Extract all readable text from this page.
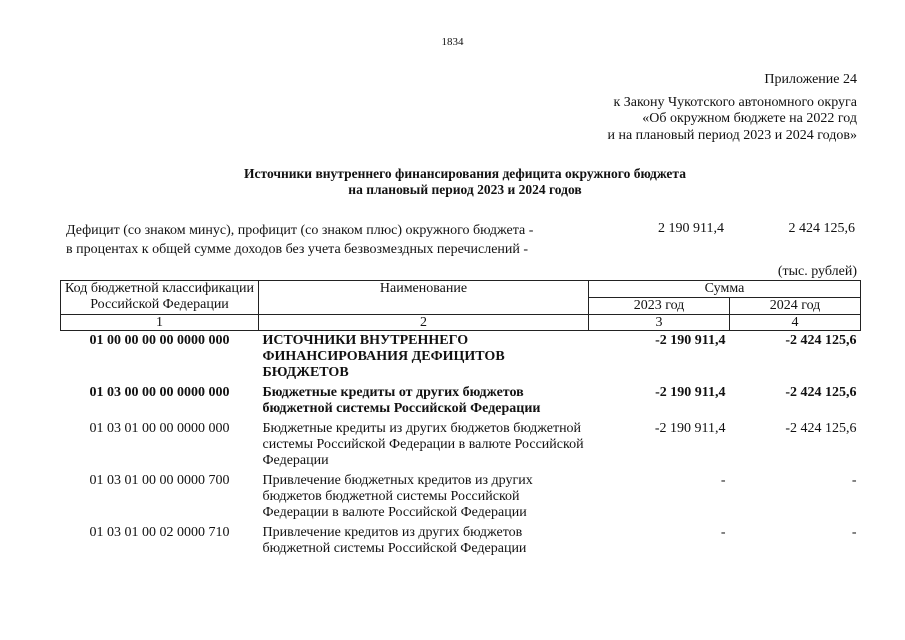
1834
Приложение 24
к Закону Чукотского автономного округа
«Об окружном бюджете на 2022 год
и на плановый период 2023 и 2024 годов»
Источники внутреннего финансирования дефицита окружного бюджета
на плановый период 2023 и 2024 годов
Дефицит (со знаком минус), профицит (со знаком плюс) окружного бюджета -
в процентах к общей сумме доходов без учета безвозмездных перечислений -
2 190 911,4	2 424 125,6
(тыс. рублей)
Код бюджетной классификации Российской Федерации	Наименование	Сумма	
		2023 год	2024 год
1	2	3	4
01 00 00 00 00 0000 000	ИСТОЧНИКИ ВНУТРЕННЕГО ФИНАНСИРОВАНИЯ ДЕФИЦИТОВ БЮДЖЕТОВ	-2 190 911,4	-2 424 125,6
01 03 00 00 00 0000 000	Бюджетные кредиты от других бюджетов бюджетной системы Российской Федерации	-2 190 911,4	-2 424 125,6
01 03 01 00 00 0000 000	Бюджетные кредиты из других бюджетов бюджетной системы Российской Федерации в валюте Российской Федерации	-2 190 911,4	-2 424 125,6
01 03 01 00 00 0000 700	Привлечение бюджетных кредитов из других бюджетов бюджетной системы Российской Федерации в валюте Российской Федерации	-	-
01 03 01 00 02 0000 710	Привлечение кредитов из других бюджетов бюджетной системы Российской Федерации	-	-
